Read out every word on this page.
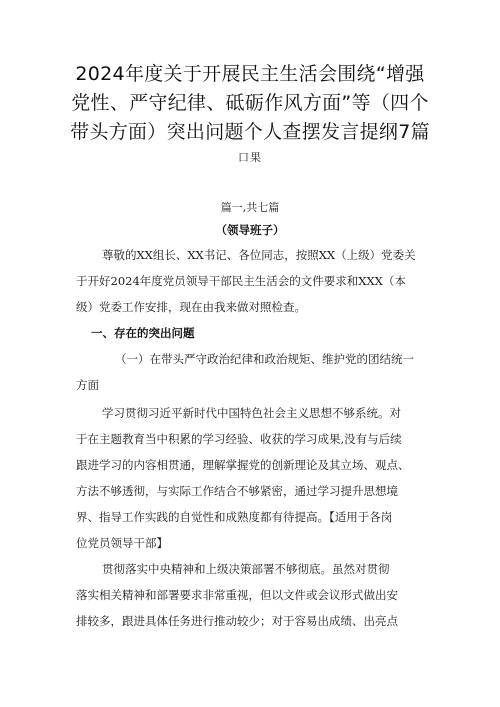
2024年度关于开展民主生活会围绕“增强
党性、严守纪律、砥砺作风方面”等（四个
带头方面）突出问题个人查摆发言提纲7篇
口果
篇一,共七篇
（领导班子）
尊敬的XX组长、XX书记、各位同志，按照XX（上级）党委关
于开好2024年度党员领导干部民主生活会的文件要求和XXX（本
级）党委工作安排，现在由我来做对照检查。
一、存在的突出问题
（一）在带头严守政治纪律和政治规矩、维护党的团结统一
方面
学习贯彻习近平新时代中国特色社会主义思想不够系统。对
于在主题教育当中积累的学习经验、收获的学习成果,没有与后续
跟进学习的内容相贯通，理解掌握党的创新理论及其立场、观点、
方法不够透彻，与实际工作结合不够紧密，通过学习提升思想境
界、指导工作实践的自觉性和成熟度都有待提高。【适用于各岗
位党员领导干部】
贯彻落实中央精神和上级决策部署不够彻底。虽然对贯彻
落实相关精神和部署要求非常重视，但以文件或会议形式做出安
排较多，跟进具体任务进行推动较少；对于容易出成绩、出亮点
